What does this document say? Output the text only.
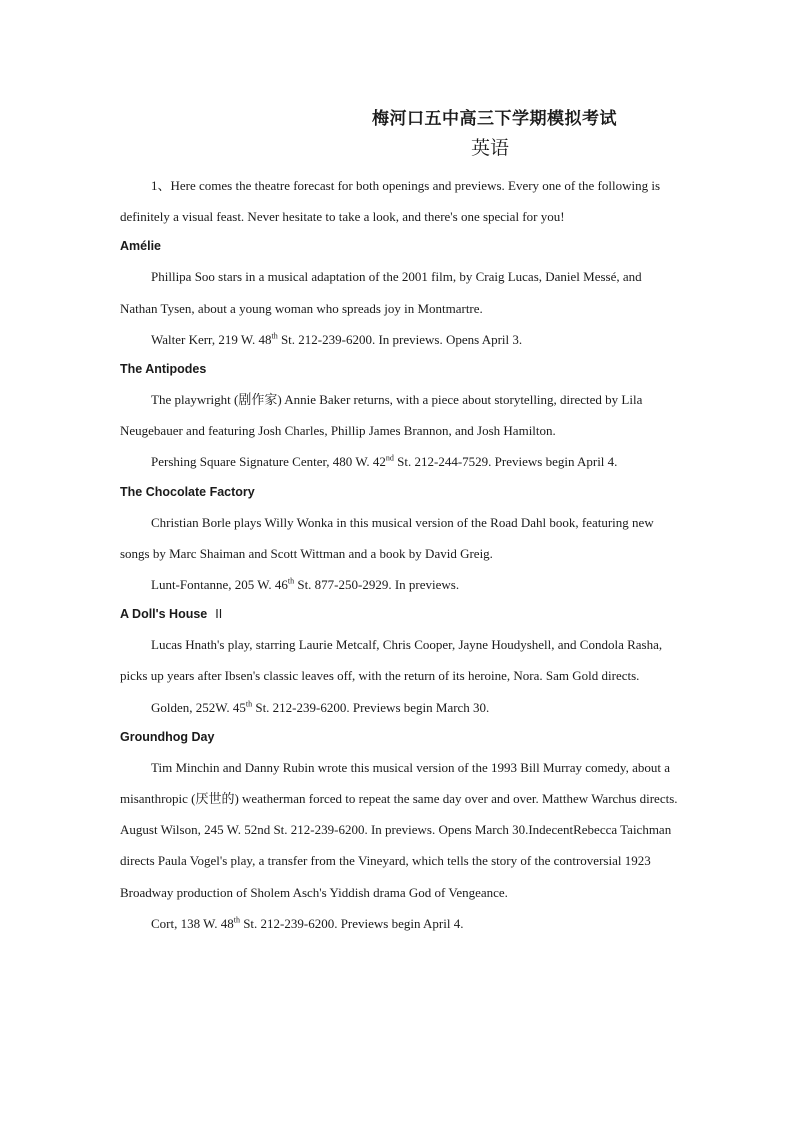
梅河口五中高三下学期模拟考试
英语

1、Here comes the theatre forecast for both openings and previews. Every one of the following is definitely a visual feast. Never hesitate to take a look, and there's one special for you!

Amélie

Phillipa Soo stars in a musical adaptation of the 2001 film, by Craig Lucas, Daniel Messé, and Nathan Tysen, about a young woman who spreads joy in Montmartre.

Walter Kerr, 219 W. 48th St. 212-239-6200. In previews. Opens April 3.

The Antipodes

The playwright (剧作家) Annie Baker returns, with a piece about storytelling, directed by Lila Neugebauer and featuring Josh Charles, Phillip James Brannon, and Josh Hamilton.

Pershing Square Signature Center, 480 W. 42nd St. 212-244-7529. Previews begin April 4.

The Chocolate Factory

Christian Borle plays Willy Wonka in this musical version of the Road Dahl book, featuring new songs by Marc Shaiman and Scott Wittman and a book by David Greig.

Lunt-Fontanne, 205 W. 46th St. 877-250-2929. In previews.

A Doll's House II

Lucas Hnath's play, starring Laurie Metcalf, Chris Cooper, Jayne Houdyshell, and Condola Rasha, picks up years after Ibsen's classic leaves off, with the return of its heroine, Nora. Sam Gold directs.

Golden, 252W. 45th St. 212-239-6200. Previews begin March 30.

Groundhog Day

Tim Minchin and Danny Rubin wrote this musical version of the 1993 Bill Murray comedy, about a misanthropic (厌世的) weatherman forced to repeat the same day over and over. Matthew Warchus directs. August Wilson, 245 W. 52nd St. 212-239-6200. In previews. Opens March 30.IndecentRebecca Taichman directs Paula Vogel's play, a transfer from the Vineyard, which tells the story of the controversial 1923 Broadway production of Sholem Asch's Yiddish drama God of Vengeance.

Cort, 138 W. 48th St. 212-239-6200. Previews begin April 4.
